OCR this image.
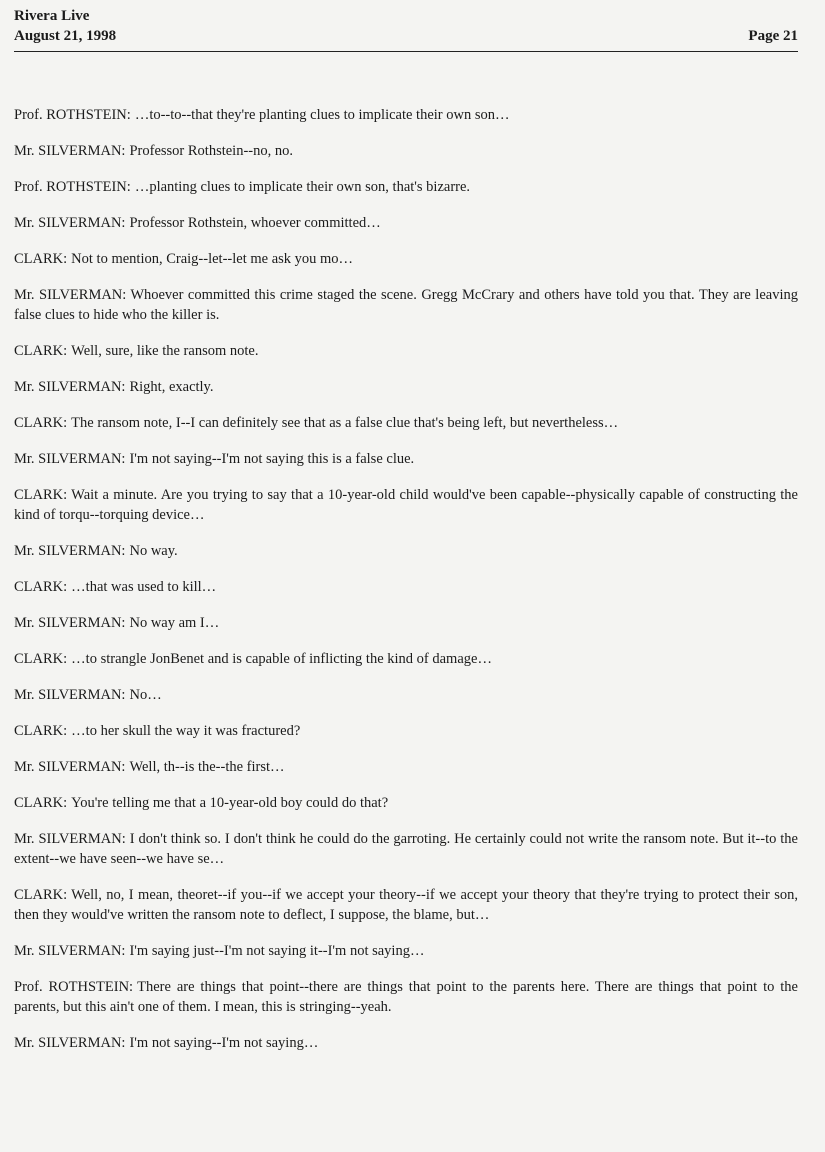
Rivera Live
August 21, 1998	Page 21

Prof. ROTHSTEIN: …to--to--that they're planting clues to implicate their own son…

Mr. SILVERMAN: Professor Rothstein--no, no.

Prof. ROTHSTEIN: …planting clues to implicate their own son, that's bizarre.

Mr. SILVERMAN: Professor Rothstein, whoever committed…

CLARK: Not to mention, Craig--let--let me ask you mo…

Mr. SILVERMAN: Whoever committed this crime staged the scene. Gregg McCrary and others have told you that. They are leaving false clues to hide who the killer is.

CLARK: Well, sure, like the ransom note.

Mr. SILVERMAN: Right, exactly.

CLARK: The ransom note, I--I can definitely see that as a false clue that's being left, but nevertheless…

Mr. SILVERMAN: I'm not saying--I'm not saying this is a false clue.

CLARK: Wait a minute. Are you trying to say that a 10-year-old child would've been capable--physically capable of constructing the kind of torqu--torquing device…

Mr. SILVERMAN: No way.

CLARK: …that was used to kill…

Mr. SILVERMAN: No way am I…

CLARK: …to strangle JonBenet and is capable of inflicting the kind of damage…

Mr. SILVERMAN: No…

CLARK: …to her skull the way it was fractured?

Mr. SILVERMAN: Well, th--is the--the first…

CLARK: You're telling me that a 10-year-old boy could do that?

Mr. SILVERMAN: I don't think so. I don't think he could do the garroting. He certainly could not write the ransom note. But it--to the extent--we have seen--we have se…

CLARK: Well, no, I mean, theoret--if you--if we accept your theory--if we accept your theory that they're trying to protect their son, then they would've written the ransom note to deflect, I suppose, the blame, but…

Mr. SILVERMAN: I'm saying just--I'm not saying it--I'm not saying…

Prof. ROTHSTEIN: There are things that point--there are things that point to the parents here. There are things that point to the parents, but this ain't one of them. I mean, this is stringing--yeah.

Mr. SILVERMAN: I'm not saying--I'm not saying…
